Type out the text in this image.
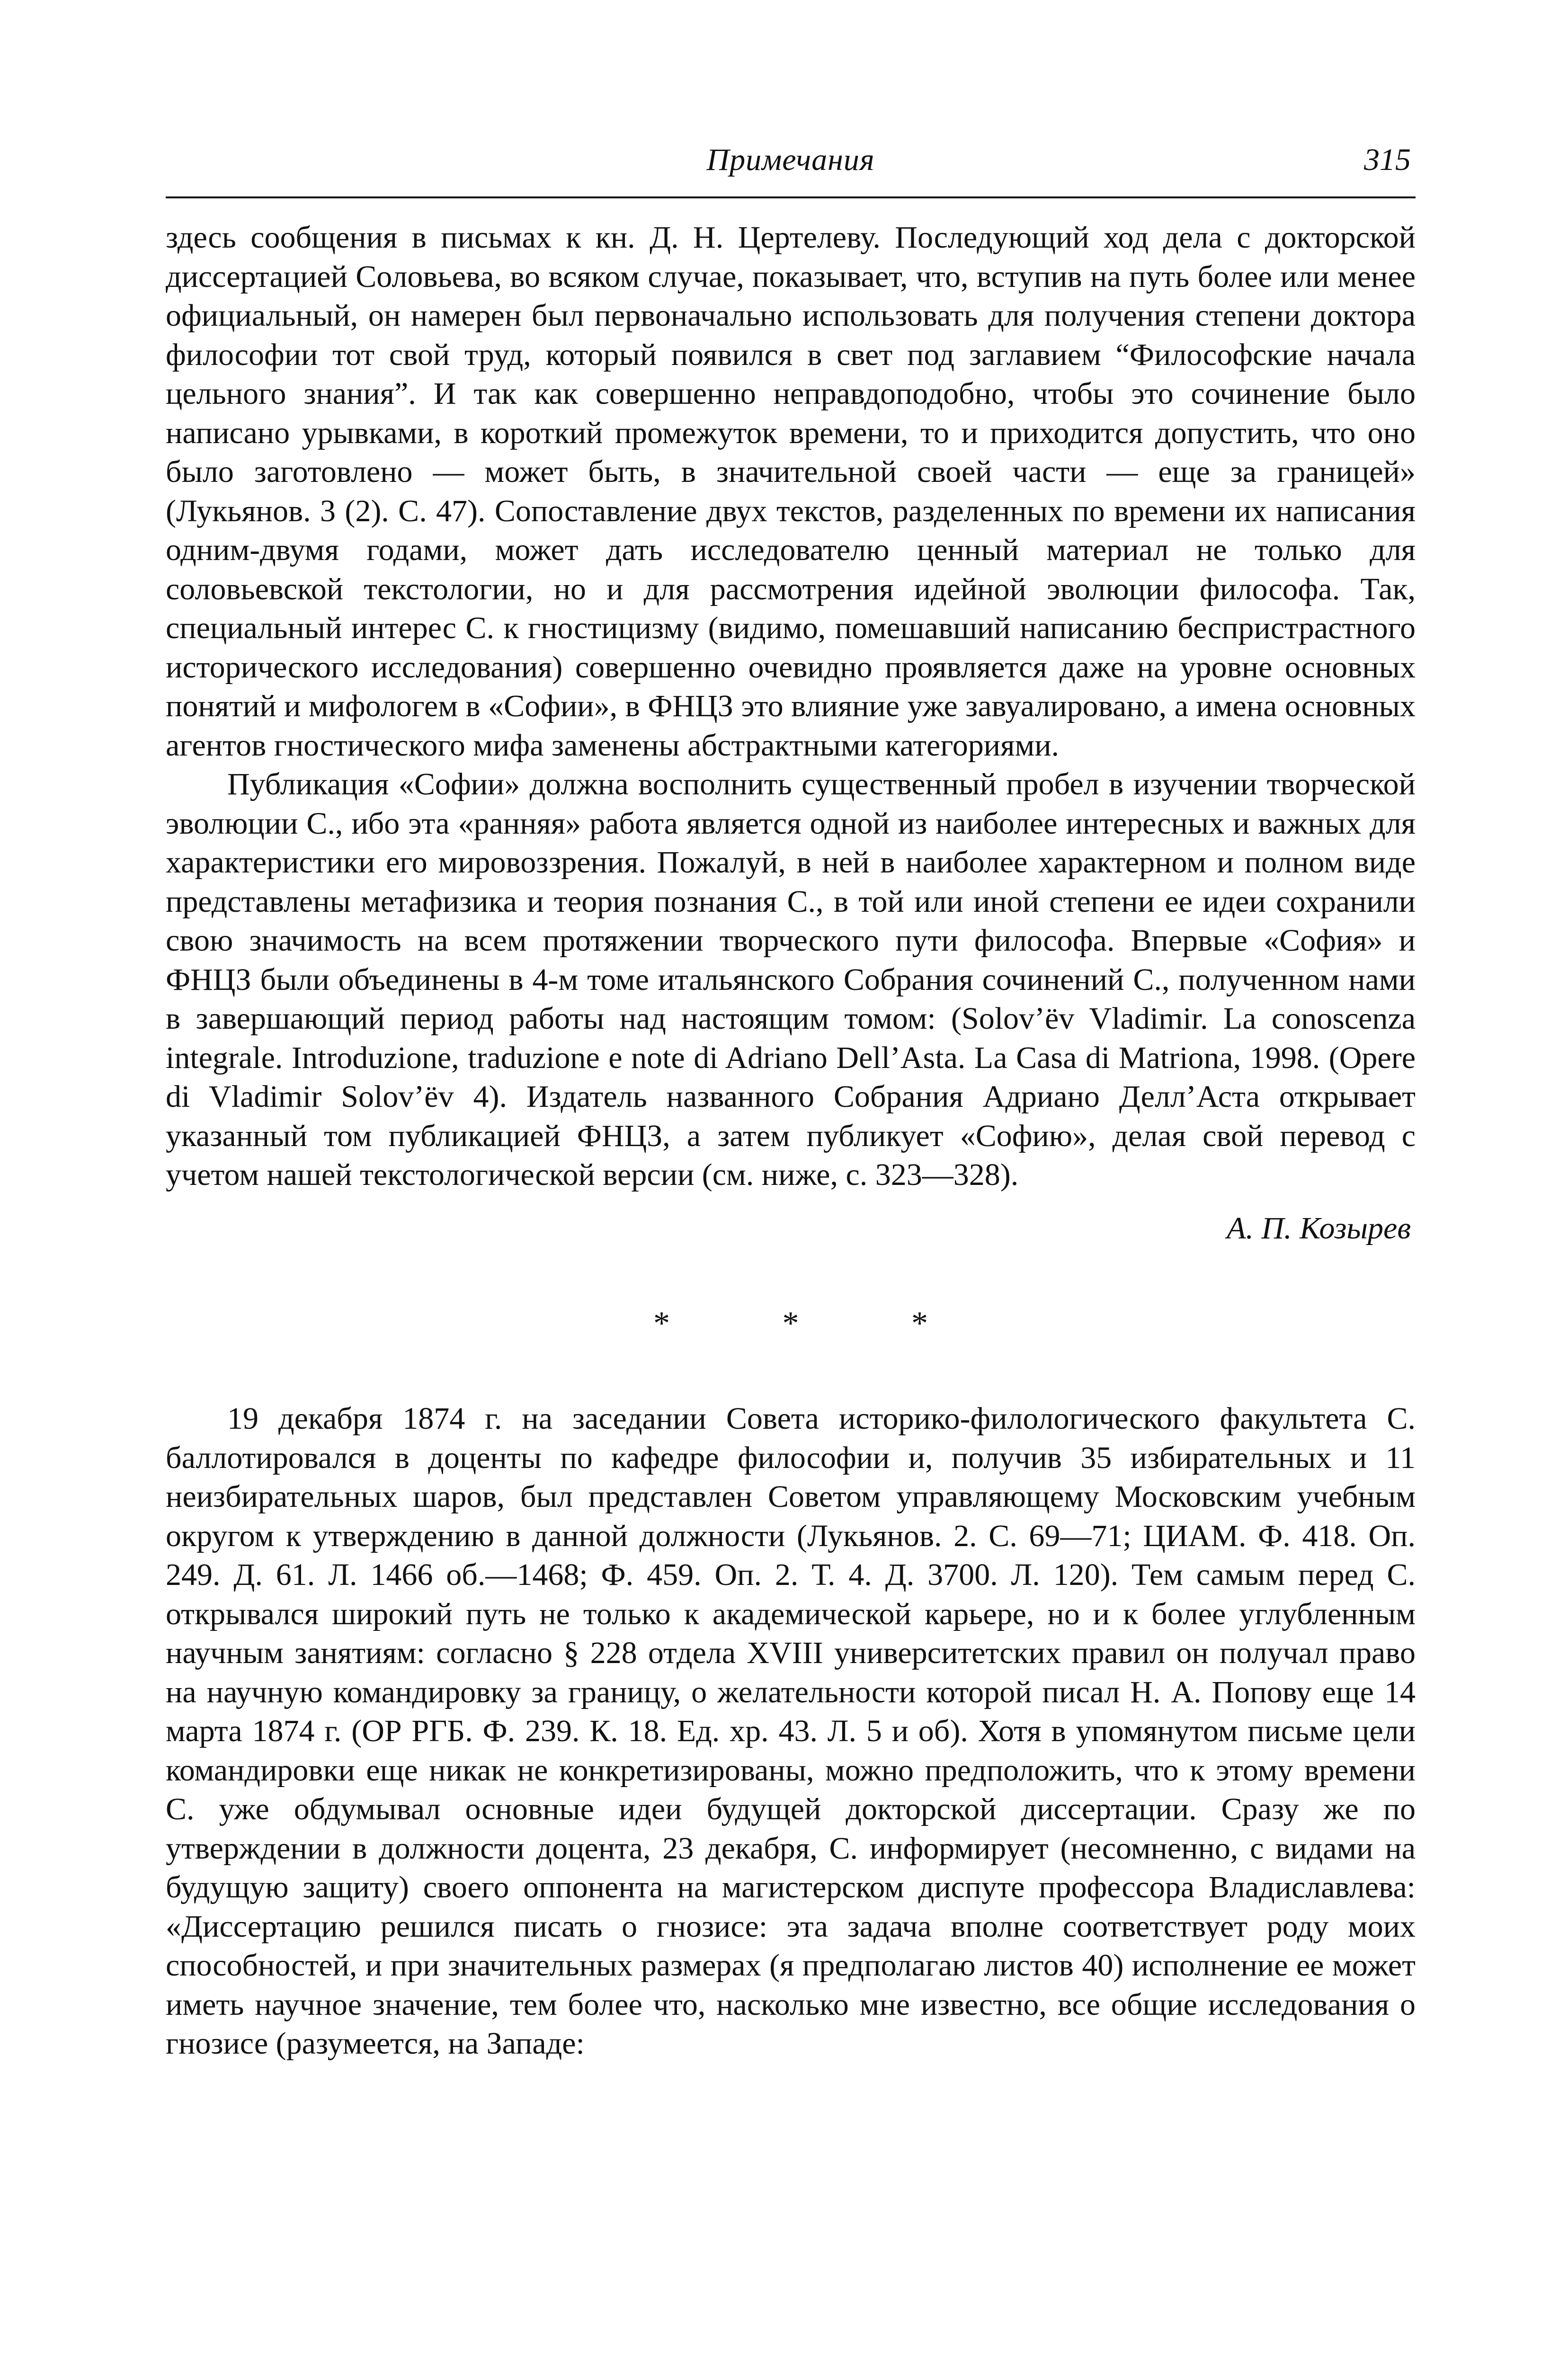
Примечания	315

здесь сообщения в письмах к кн. Д. Н. Цертелеву. Последующий ход дела с докторской диссертацией Соловьева, во всяком случае, показывает, что, вступив на путь более или менее официальный, он намерен был первоначально использовать для получения степени доктора философии тот свой труд, который появился в свет под заглавием “Философские начала цельного знания”. И так как совершенно неправдоподобно, чтобы это сочинение было написано урывками, в короткий промежуток времени, то и приходится допустить, что оно было заготовлено — может быть, в значительной своей части — еще за границей» (Лукьянов. 3 (2). С. 47). Сопоставление двух текстов, разделенных по времени их написания одним-двумя годами, может дать исследователю ценный материал не только для соловьевской текстологии, но и для рассмотрения идейной эволюции философа. Так, специальный интерес С. к гностицизму (видимо, помешавший написанию беспристрастного исторического исследования) совершенно очевидно проявляется даже на уровне основных понятий и мифологем в «Софии», в ФНЦЗ это влияние уже завуалировано, а имена основных агентов гностического мифа заменены абстрактными категориями.

Публикация «Софии» должна восполнить существенный пробел в изучении творческой эволюции С., ибо эта «ранняя» работа является одной из наиболее интересных и важных для характеристики его мировоззрения. Пожалуй, в ней в наиболее характерном и полном виде представлены метафизика и теория познания С., в той или иной степени ее идеи сохранили свою значимость на всем протяжении творческого пути философа. Впервые «София» и ФНЦЗ были объединены в 4-м томе итальянского Собрания сочинений С., полученном нами в завершающий период работы над настоящим томом: (Solov’ëv Vladimir. La conoscenza integrale. Introduzione, traduzione e note di Adriano Dell’Asta. La Casa di Matriona, 1998. (Opere di Vladimir Solov’ëv 4). Издатель названного Собрания Адриано Делл’Аста открывает указанный том публикацией ФНЦЗ, а затем публикует «Софию», делая свой перевод с учетом нашей текстологической версии (см. ниже, с. 323—328).

А. П. Козырев
* * *

19 декабря 1874 г. на заседании Совета историко-филологического факультета С. баллотировался в доценты по кафедре философии и, получив 35 избирательных и 11 неизбирательных шаров, был представлен Советом управляющему Московским учебным округом к утверждению в данной должности (Лукьянов. 2. С. 69—71; ЦИАМ. Ф. 418. Оп. 249. Д. 61. Л. 1466 об.—1468; Ф. 459. Оп. 2. Т. 4. Д. 3700. Л. 120). Тем самым перед С. открывался широкий путь не только к академической карьере, но и к более углубленным научным занятиям: согласно § 228 отдела XVIII университетских правил он получал право на научную командировку за границу, о желательности которой писал Н. А. Попову еще 14 марта 1874 г. (ОР РГБ. Ф. 239. К. 18. Ед. хр. 43. Л. 5 и об). Хотя в упомянутом письме цели командировки еще никак не конкретизированы, можно предположить, что к этому времени С. уже обдумывал основные идеи будущей докторской диссертации. Сразу же по утверждении в должности доцента, 23 декабря, С. информирует (несомненно, с видами на будущую защиту) своего оппонента на магистерском диспуте профессора Владиславлева: «Диссертацию решился писать о гнозисе: эта задача вполне соответствует роду моих способностей, и при значительных размерах (я предполагаю листов 40) исполнение ее может иметь научное значение, тем более что, насколько мне известно, все общие исследования о гнозисе (разумеется, на Западе:
